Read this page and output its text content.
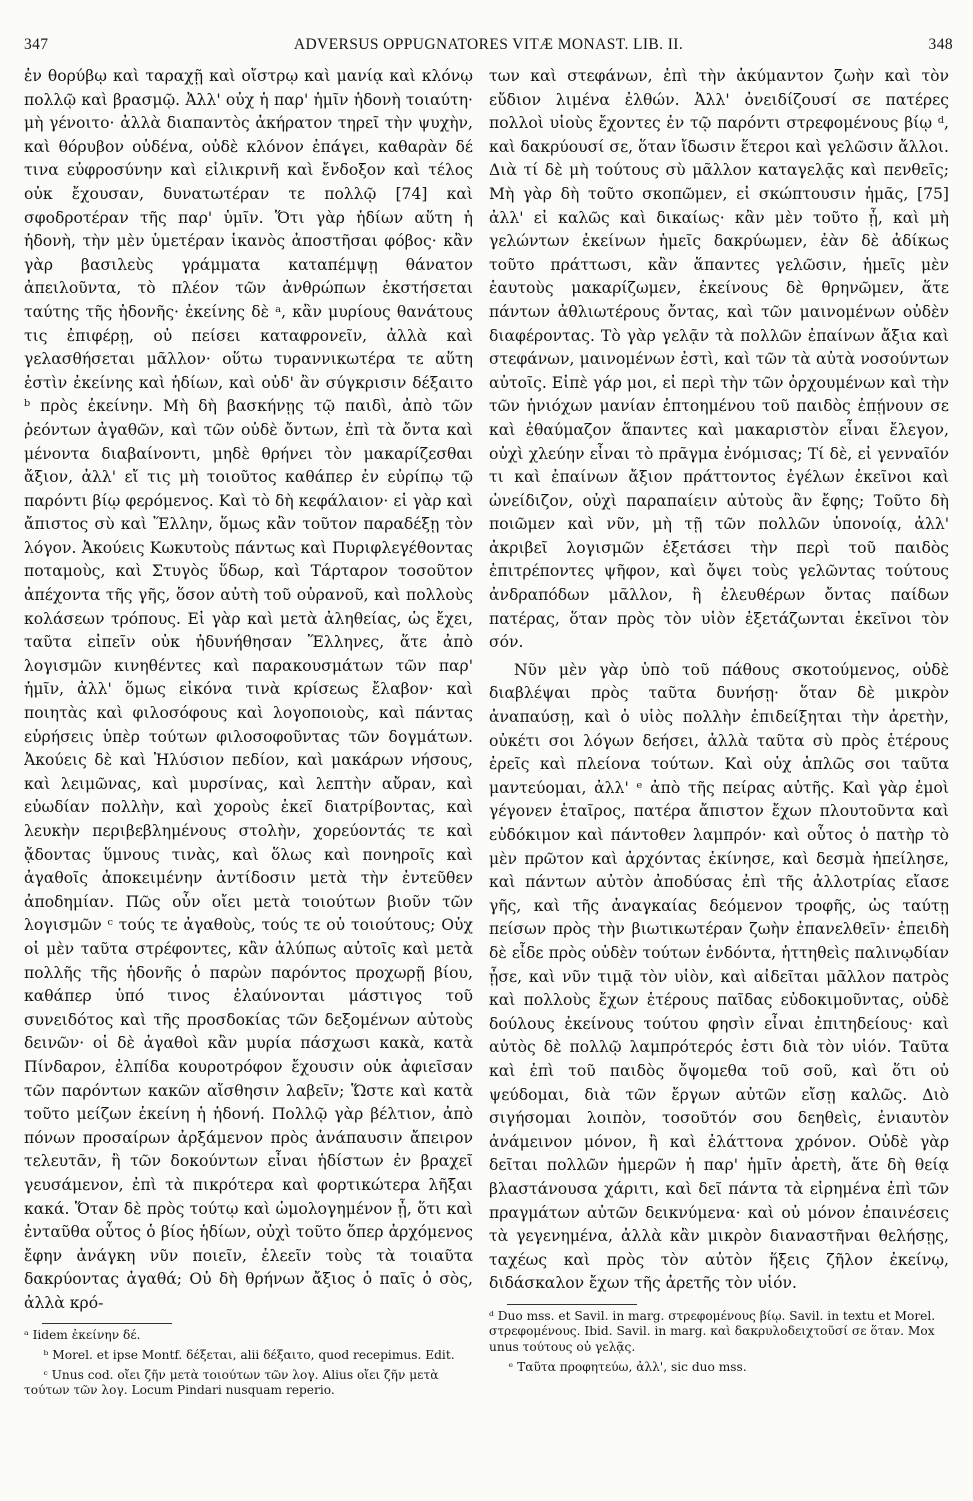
347	ADVERSUS OPPUGNATORES VITÆ MONAST. LIB. II.	348

ἐν θορύβῳ καὶ ταραχῇ καὶ οἴστρῳ καὶ μανίᾳ καὶ κλόνῳ πολλῷ καὶ βρασμῷ. Ἀλλ' οὐχ ἡ παρ' ἡμῖν ἡδονὴ τοιαύτη· μὴ γένοιτο· ἀλλὰ διαπαντὸς ἀκήρατον τηρεῖ τὴν ψυχὴν, καὶ θόρυβον οὐδένα, οὐδὲ κλόνον ἐπάγει, καθαρὰν δέ τινα εὐφροσύνην καὶ εἰλικρινῆ καὶ ἔνδοξον καὶ τέλος οὐκ ἔχουσαν, δυνατωτέραν τε πολλῷ [74] καὶ σφοδροτέραν τῆς παρ' ὑμῖν. Ὅτι γὰρ ἡδίων αὕτη ἡ ἡδονὴ, τὴν μὲν ὑμετέραν ἱκανὸς ἀποστῆσαι φόβος· κἂν γὰρ βασιλεὺς γράμματα καταπέμψῃ θάνατον ἀπειλοῦντα, τὸ πλέον τῶν ἀνθρώπων ἐκστήσεται ταύτης τῆς ἡδονῆς· ἐκείνης δὲ ᵃ, κἂν μυρίους θανάτους τις ἐπιφέρῃ, οὐ πείσει καταφρονεῖν, ἀλλὰ καὶ γελασθήσεται μᾶλλον· οὕτω τυραννικωτέρα τε αὕτη ἐστὶν ἐκείνης καὶ ἡδίων, καὶ οὐδ' ἂν σύγκρισιν δέξαιτο ᵇ πρὸς ἐκείνην. Μὴ δὴ βασκήνῃς τῷ παιδὶ, ἀπὸ τῶν ῥεόντων ἀγαθῶν, καὶ τῶν οὐδὲ ὄντων, ἐπὶ τὰ ὄντα καὶ μένοντα διαβαίνοντι, μηδὲ θρήνει τὸν μακαρίζεσθαι ἄξιον, ἀλλ' εἴ τις μὴ τοιοῦτος καθάπερ ἐν εὐρίπῳ τῷ παρόντι βίῳ φερόμενος. Καὶ τὸ δὴ κεφάλαιον· εἰ γὰρ καὶ ἄπιστος σὺ καὶ Ἕλλην, ὅμως κἂν τοῦτον παραδέξῃ τὸν λόγον. Ἀκούεις Κωκυτοὺς πάντως καὶ Πυριφλεγέθοντας ποταμοὺς, καὶ Στυγὸς ὕδωρ, καὶ Τάρταρον τοσοῦτον ἀπέχοντα τῆς γῆς, ὅσον αὐτὴ τοῦ οὐρανοῦ, καὶ πολλοὺς κολάσεων τρόπους. Εἰ γὰρ καὶ μετὰ ἀληθείας, ὡς ἔχει, ταῦτα εἰπεῖν οὐκ ἠδυνήθησαν Ἕλληνες, ἅτε ἀπὸ λογισμῶν κινηθέντες καὶ παρακουσμάτων τῶν παρ' ἡμῖν, ἀλλ' ὅμως εἰκόνα τινὰ κρίσεως ἔλαβον· καὶ ποιητὰς καὶ φιλοσόφους καὶ λογοποιοὺς, καὶ πάντας εὑρήσεις ὑπὲρ τούτων φιλοσοφοῦντας τῶν δογμάτων. Ἀκούεις δὲ καὶ Ἠλύσιον πεδίον, καὶ μακάρων νήσους, καὶ λειμῶνας, καὶ μυρσίνας, καὶ λεπτὴν αὔραν, καὶ εὐωδίαν πολλὴν, καὶ χοροὺς ἐκεῖ διατρίβοντας, καὶ λευκὴν περιβεβλημένους στολὴν, χορεύοντάς τε καὶ ᾄδοντας ὕμνους τινὰς, καὶ ὅλως καὶ πονηροῖς καὶ ἀγαθοῖς ἀποκειμένην ἀντίδοσιν μετὰ τὴν ἐντεῦθεν ἀποδημίαν. Πῶς οὖν οἴει μετὰ τοιούτων βιοῦν τῶν λογισμῶν ᶜ τούς τε ἀγαθοὺς, τούς τε οὐ τοιούτους; Οὐχ οἱ μὲν ταῦτα στρέφοντες, κἂν ἀλύπως αὐτοῖς καὶ μετὰ πολλῆς τῆς ἡδονῆς ὁ παρὼν παρόντος προχωρῇ βίου, καθάπερ ὑπό τινος ἐλαύνονται μάστιγος τοῦ συνειδότος καὶ τῆς προσδοκίας τῶν δεξομένων αὐτοὺς δεινῶν· οἱ δὲ ἀγαθοὶ κἂν μυρία πάσχωσι κακὰ, κατὰ Πίνδαρον, ἐλπίδα κουροτρόφον ἔχουσιν οὐκ ἀφιεῖσαν τῶν παρόντων κακῶν αἴσθησιν λαβεῖν; Ὥστε καὶ κατὰ τοῦτο μείζων ἐκείνη ἡ ἡδονή. Πολλῷ γὰρ βέλτιον, ἀπὸ πόνων προσαίρων ἀρξάμενον πρὸς ἀνάπαυσιν ἄπειρον τελευτᾶν, ἢ τῶν δοκούντων εἶναι ἡδίστων ἐν βραχεῖ γευσάμενον, ἐπὶ τὰ πικρότερα καὶ φορτικώτερα λῆξαι κακά. Ὅταν δὲ πρὸς τούτῳ καὶ ὡμολογημένον ᾖ, ὅτι καὶ ἐνταῦθα οὗτος ὁ βίος ἡδίων, οὐχὶ τοῦτο ὅπερ ἀρχόμενος ἔφην ἀνάγκη νῦν ποιεῖν, ἐλεεῖν τοὺς τὰ τοιαῦτα δακρύοντας ἀγαθά; Οὐ δὴ θρήνων ἄξιος ὁ παῖς ὁ σὸς, ἀλλὰ κρό-

ᵃ Iidem ἐκείνην δέ.

ᵇ Morel. et ipse Montf. δέξεται, alii δέξαιτο, quod recepimus. Edit.

ᶜ Unus cod. οἴει ζῆν μετὰ τοιούτων τῶν λογ. Alius οἴει ζῆν μετὰ τούτων τῶν λογ. Locum Pindari nusquam reperio.

των καὶ στεφάνων, ἐπὶ τὴν ἀκύμαντον ζωὴν καὶ τὸν εὔδιον λιμένα ἐλθών. Ἀλλ' ὀνειδίζουσί σε πατέρες πολλοὶ υἱοὺς ἔχοντες ἐν τῷ παρόντι στρεφομένους βίῳ ᵈ, καὶ δακρύουσί σε, ὅταν ἴδωσιν ἕτεροι καὶ γελῶσιν ἄλλοι. Διὰ τί δὲ μὴ τούτους σὺ μᾶλλον καταγελᾷς καὶ πενθεῖς; Μὴ γὰρ δὴ τοῦτο σκοπῶμεν, εἰ σκώπτουσιν ἡμᾶς, [75] ἀλλ' εἰ καλῶς καὶ δικαίως· κἂν μὲν τοῦτο ᾖ, καὶ μὴ γελώντων ἐκείνων ἡμεῖς δακρύωμεν, ἐὰν δὲ ἀδίκως τοῦτο πράττωσι, κἂν ἅπαντες γελῶσιν, ἡμεῖς μὲν ἑαυτοὺς μακαρίζωμεν, ἐκείνους δὲ θρηνῶμεν, ἅτε πάντων ἀθλιωτέρους ὄντας, καὶ τῶν μαινομένων οὐδὲν διαφέροντας. Τὸ γὰρ γελᾷν τὰ πολλῶν ἐπαίνων ἄξια καὶ στεφάνων, μαινομένων ἐστὶ, καὶ τῶν τὰ αὐτὰ νοσούντων αὐτοῖς. Εἰπὲ γάρ μοι, εἰ περὶ τὴν τῶν ὀρχουμένων καὶ τὴν τῶν ἡνιόχων μανίαν ἐπτοημένου τοῦ παιδὸς ἐπῄνουν σε καὶ ἐθαύμαζον ἅπαντες καὶ μακαριστὸν εἶναι ἔλεγον, οὐχὶ χλεύην εἶναι τὸ πρᾶγμα ἐνόμισας; Τί δὲ, εἰ γενναῖόν τι καὶ ἐπαίνων ἄξιον πράττοντος ἐγέλων ἐκεῖνοι καὶ ὠνείδιζον, οὐχὶ παραπαίειν αὐτοὺς ἂν ἔφης; Τοῦτο δὴ ποιῶμεν καὶ νῦν, μὴ τῇ τῶν πολλῶν ὑπονοίᾳ, ἀλλ' ἀκριβεῖ λογισμῶν ἐξετάσει τὴν περὶ τοῦ παιδὸς ἐπιτρέποντες ψῆφον, καὶ ὄψει τοὺς γελῶντας τούτους ἀνδραπόδων μᾶλλον, ἢ ἐλευθέρων ὄντας παίδων πατέρας, ὅταν πρὸς τὸν υἱὸν ἐξετάζωνται ἐκεῖνοι τὸν σόν.

Νῦν μὲν γὰρ ὑπὸ τοῦ πάθους σκοτούμενος, οὐδὲ διαβλέψαι πρὸς ταῦτα δυνήσῃ· ὅταν δὲ μικρὸν ἀναπαύσῃ, καὶ ὁ υἱὸς πολλὴν ἐπιδείξηται τὴν ἀρετὴν, οὐκέτι σοι λόγων δεήσει, ἀλλὰ ταῦτα σὺ πρὸς ἑτέρους ἐρεῖς καὶ πλείονα τούτων. Καὶ οὐχ ἁπλῶς σοι ταῦτα μαντεύομαι, ἀλλ' ᵉ ἀπὸ τῆς πείρας αὐτῆς. Καὶ γὰρ ἐμοὶ γέγονεν ἑταῖρος, πατέρα ἄπιστον ἔχων πλουτοῦντα καὶ εὐδόκιμον καὶ πάντοθεν λαμπρόν· καὶ οὗτος ὁ πατὴρ τὸ μὲν πρῶτον καὶ ἀρχόντας ἐκίνησε, καὶ δεσμὰ ἠπείλησε, καὶ πάντων αὐτὸν ἀποδύσας ἐπὶ τῆς ἀλλοτρίας εἴασε γῆς, καὶ τῆς ἀναγκαίας δεόμενον τροφῆς, ὡς ταύτῃ πείσων πρὸς τὴν βιωτικωτέραν ζωὴν ἐπανελθεῖν· ἐπειδὴ δὲ εἶδε πρὸς οὐδὲν τούτων ἐνδόντα, ἡττηθεὶς παλινῳδίαν ᾖσε, καὶ νῦν τιμᾷ τὸν υἱὸν, καὶ αἰδεῖται μᾶλλον πατρὸς καὶ πολλοὺς ἔχων ἑτέρους παῖδας εὐδοκιμοῦντας, οὐδὲ δούλους ἐκείνους τούτου φησὶν εἶναι ἐπιτηδείους· καὶ αὐτὸς δὲ πολλῷ λαμπρότερός ἐστι διὰ τὸν υἱόν. Ταῦτα καὶ ἐπὶ τοῦ παιδὸς ὄψομεθα τοῦ σοῦ, καὶ ὅτι οὐ ψεύδομαι, διὰ τῶν ἔργων αὐτῶν εἴσῃ καλῶς. Διὸ σιγήσομαι λοιπὸν, τοσοῦτόν σου δεηθεὶς, ἐνιαυτὸν ἀνάμεινον μόνον, ἢ καὶ ἐλάττονα χρόνον. Οὐδὲ γὰρ δεῖται πολλῶν ἡμερῶν ἡ παρ' ἡμῖν ἀρετὴ, ἅτε δὴ θείᾳ βλαστάνουσα χάριτι, καὶ δεῖ πάντα τὰ εἰρημένα ἐπὶ τῶν πραγμάτων αὐτῶν δεικνύμενα· καὶ οὐ μόνον ἐπαινέσεις τὰ γεγενημένα, ἀλλὰ κἂν μικρὸν διαναστῆναι θελήσῃς, ταχέως καὶ πρὸς τὸν αὐτὸν ἥξεις ζῆλον ἐκείνῳ, διδάσκαλον ἔχων τῆς ἀρετῆς τὸν υἱόν.

ᵈ Duo mss. et Savil. in marg. στρεφομένους βίῳ. Savil. in textu et Morel. στρεφομένους. Ibid. Savil. in marg. καὶ δακρυλοδειχτοῦσί σε ὅταν. Mox unus τούτους οὐ γελᾷς.

ᵉ Ταῦτα προφητεύω, ἀλλ', sic duo mss.
